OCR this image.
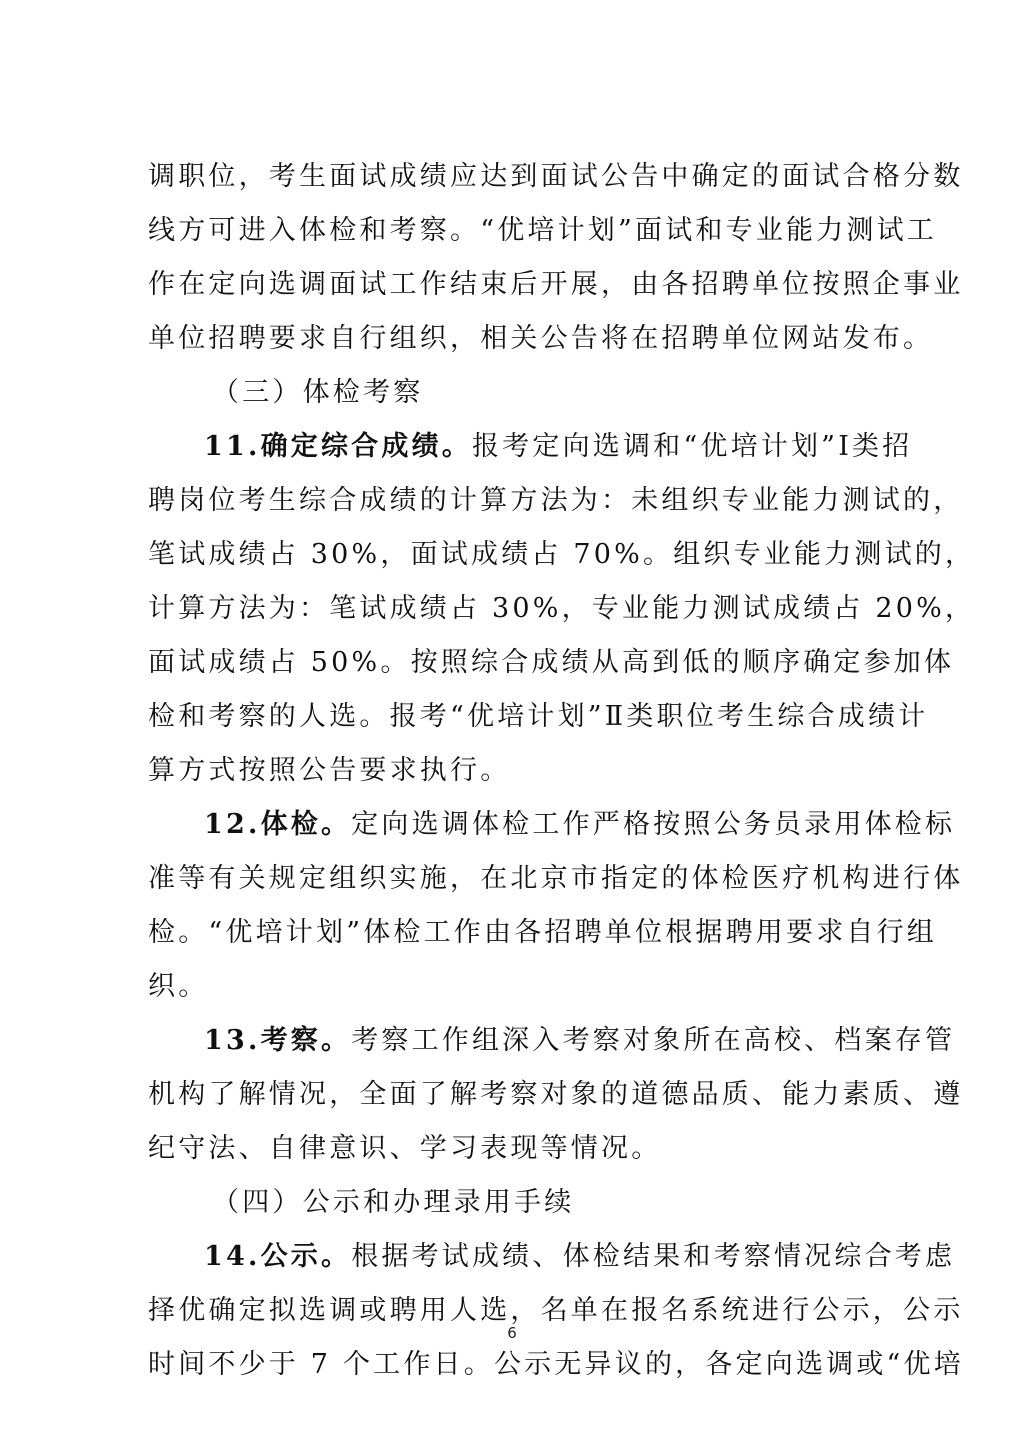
调职位，考生面试成绩应达到面试公告中确定的面试合格分数
线方可进入体检和考察。“优培计划”面试和专业能力测试工
作在定向选调面试工作结束后开展，由各招聘单位按照企事业
单位招聘要求自行组织，相关公告将在招聘单位网站发布。
（三）体检考察
11.确定综合成绩。报考定向选调和“优培计划”Ⅰ类招
聘岗位考生综合成绩的计算方法为：未组织专业能力测试的，
笔试成绩占 30%，面试成绩占 70%。组织专业能力测试的，
计算方法为：笔试成绩占 30%，专业能力测试成绩占 20%，
面试成绩占 50%。按照综合成绩从高到低的顺序确定参加体
检和考察的人选。报考“优培计划”Ⅱ类职位考生综合成绩计
算方式按照公告要求执行。
12.体检。定向选调体检工作严格按照公务员录用体检标
准等有关规定组织实施，在北京市指定的体检医疗机构进行体
检。“优培计划”体检工作由各招聘单位根据聘用要求自行组
织。
13.考察。考察工作组深入考察对象所在高校、档案存管
机构了解情况，全面了解考察对象的道德品质、能力素质、遵
纪守法、自律意识、学习表现等情况。
（四）公示和办理录用手续
14.公示。根据考试成绩、体检结果和考察情况综合考虑
择优确定拟选调或聘用人选，名单在报名系统进行公示，公示
时间不少于 7 个工作日。公示无异议的，各定向选调或“优培
6
